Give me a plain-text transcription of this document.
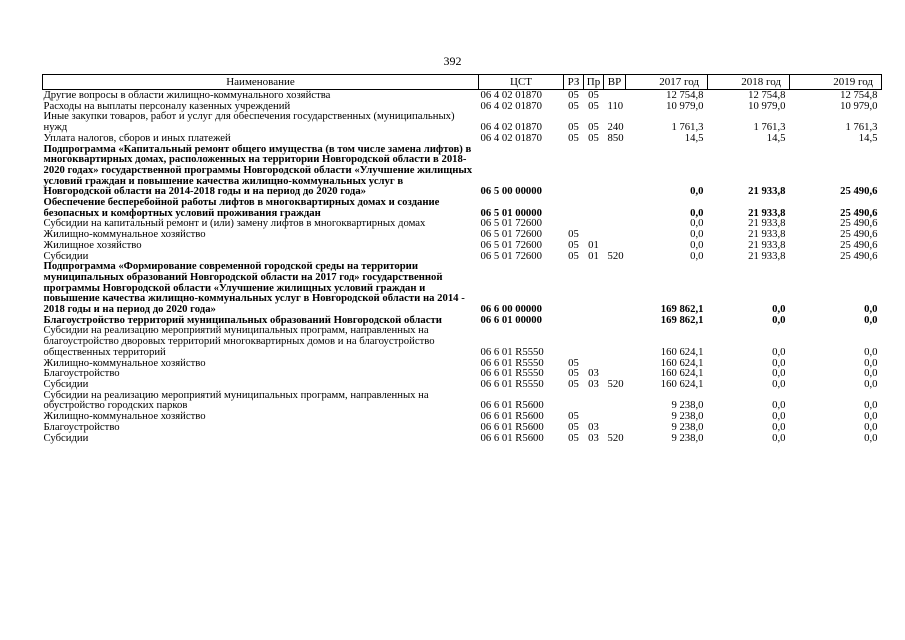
392
Наименование	ЦСТ	РЗ	Пр	ВР	2017 год	2018 год	2019 год
Другие вопросы в области жилищно-коммунального хозяйства	06 4 02 01870	05	05		12 754,8	12 754,8	12 754,8
Расходы на выплаты персоналу казенных учреждений	06 4 02 01870	05	05	110	10 979,0	10 979,0	10 979,0
Иные закупки товаров, работ и услуг для обеспечения государственных (муниципальных) нужд	06 4 02 01870	05	05	240	1 761,3	1 761,3	1 761,3
Уплата налогов, сборов и иных платежей	06 4 02 01870	05	05	850	14,5	14,5	14,5
Подпрограмма «Капитальный ремонт общего имущества (в том числе замена лифтов) в многоквартирных домах, расположенных на территории Новгородской области в 2018-2020 годах» государственной программы Новгородской области «Улучшение жилищных условий граждан и повышение качества жилищно-коммунальных услуг в Новгородской области на 2014-2018 годы и на период до 2020 года»	06 5 00 00000				0,0	21 933,8	25 490,6
Обеспечение бесперебойной работы лифтов в многоквартирных домах и создание безопасных и комфортных условий проживания граждан	06 5 01 00000				0,0	21 933,8	25 490,6
Субсидии на капитальный ремонт и (или) замену лифтов в многоквартирных домах	06 5 01 72600				0,0	21 933,8	25 490,6
Жилищно-коммунальное хозяйство	06 5 01 72600	05			0,0	21 933,8	25 490,6
Жилищное хозяйство	06 5 01 72600	05	01		0,0	21 933,8	25 490,6
Субсидии	06 5 01 72600	05	01	520	0,0	21 933,8	25 490,6
Подпрограмма «Формирование современной городской среды на территории муниципальных образований Новгородской области на 2017 год» государственной программы Новгородской области «Улучшение жилищных условий граждан и повышение качества жилищно-коммунальных услуг в Новгородской области на 2014 - 2018 годы и на период до 2020 года»	06 6 00 00000				169 862,1	0,0	0,0
Благоустройство территорий муниципальных образований Новгородской области	06 6 01 00000				169 862,1	0,0	0,0
Субсидии на реализацию мероприятий муниципальных программ, направленных на благоустройство дворовых территорий многоквартирных домов и на благоустройство общественных территорий	06 6 01 R5550				160 624,1	0,0	0,0
Жилищно-коммунальное хозяйство	06 6 01 R5550	05			160 624,1	0,0	0,0
Благоустройство	06 6 01 R5550	05	03		160 624,1	0,0	0,0
Субсидии	06 6 01 R5550	05	03	520	160 624,1	0,0	0,0
Субсидии на реализацию мероприятий муниципальных программ, направленных на обустройство городских парков	06 6 01 R5600				9 238,0	0,0	0,0
Жилищно-коммунальное хозяйство	06 6 01 R5600	05			9 238,0	0,0	0,0
Благоустройство	06 6 01 R5600	05	03		9 238,0	0,0	0,0
Субсидии	06 6 01 R5600	05	03	520	9 238,0	0,0	0,0
